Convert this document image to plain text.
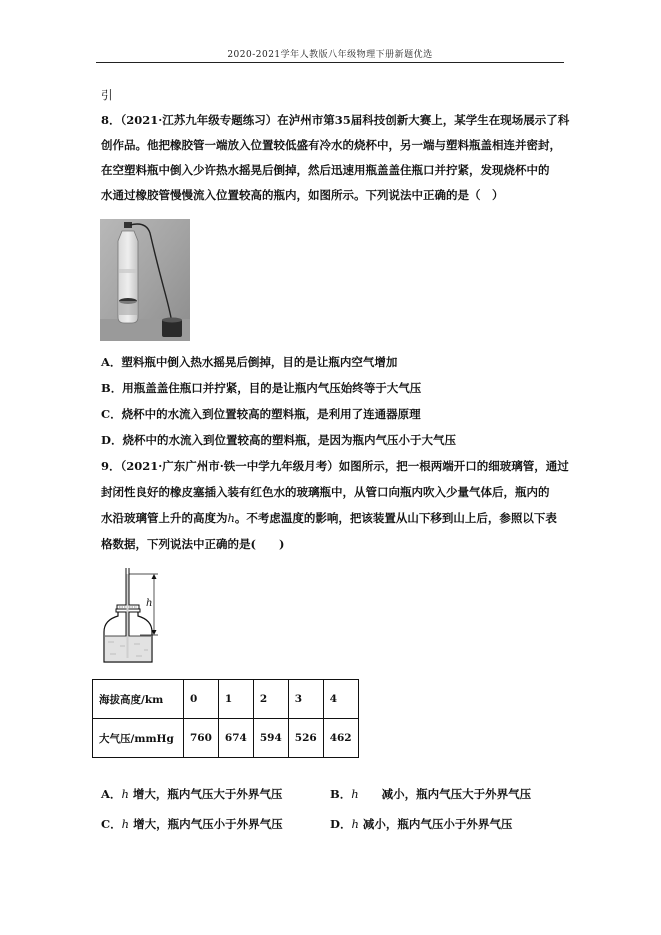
2020-2021学年人教版八年级物理下册新题优选
引
8．（2021·江苏九年级专题练习）在泸州市第35届科技创新大赛上，某学生在现场展示了科
创作品。他把橡胶管一端放入位置较低盛有冷水的烧杯中，另一端与塑料瓶盖相连并密封，
在空塑料瓶中倒入少许热水摇晃后倒掉，然后迅速用瓶盖盖住瓶口并拧紧，发现烧杯中的
水通过橡胶管慢慢流入位置较高的瓶内，如图所示。下列说法中正确的是（　）
A．塑料瓶中倒入热水摇晃后倒掉，目的是让瓶内空气增加
B．用瓶盖盖住瓶口并拧紧，目的是让瓶内气压始终等于大气压
C．烧杯中的水流入到位置较高的塑料瓶，是利用了连通器原理
D．烧杯中的水流入到位置较高的塑料瓶，是因为瓶内气压小于大气压
9．（2021·广东广州市·铁一中学九年级月考）如图所示，把一根两端开口的细玻璃管，通过
封闭性良好的橡皮塞插入装有红色水的玻璃瓶中，从管口向瓶内吹入少量气体后，瓶内的
水沿玻璃管上升的高度为h。不考虑温度的影响，把该装置从山下移到山上后，参照以下表
格数据，下列说法中正确的是(　　)
h
海拔高度/km	0	1	2	3	4
大气压/mmHg	760	674	594	526	462
A．h 增大，瓶内气压大于外界气压	B．h　　减小，瓶内气压大于外界气压
C．h 增大，瓶内气压小于外界气压	D．h 减小，瓶内气压小于外界气压
